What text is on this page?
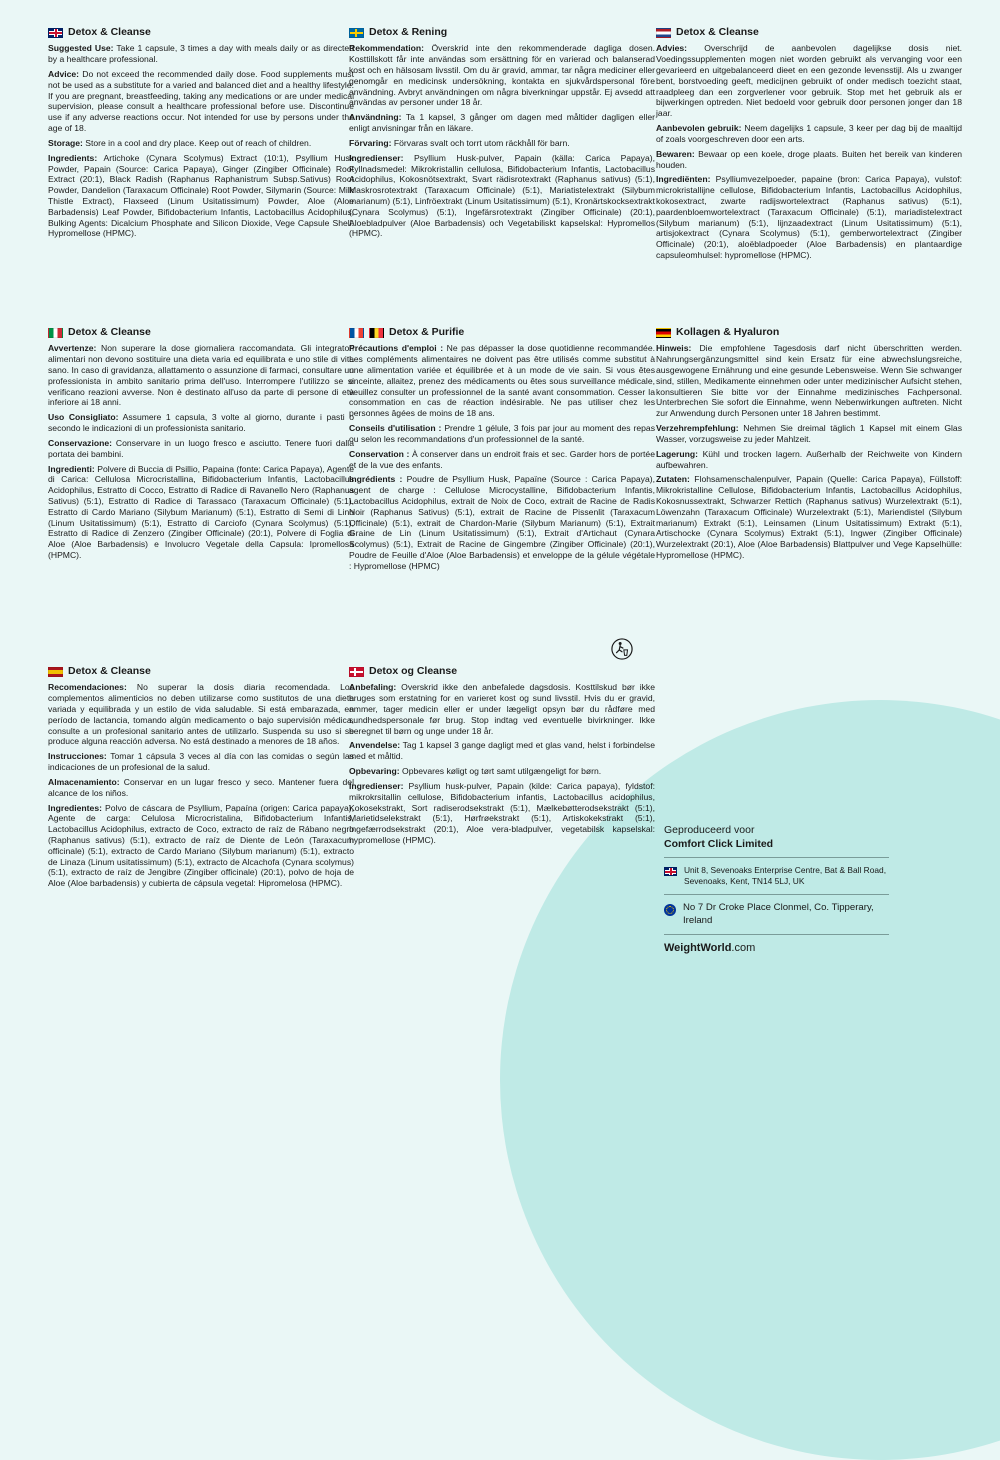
Detox & Cleanse

Suggested Use: Take 1 capsule, 3 times a day with meals daily or as directed by a healthcare professional.

Advice: Do not exceed the recommended daily dose. Food supplements must not be used as a substitute for a varied and balanced diet and a healthy lifestyle. If you are pregnant, breastfeeding, taking any medications or are under medical supervision, please consult a healthcare professional before use. Discontinue use if any adverse reactions occur. Not intended for use by persons under the age of 18.

Storage: Store in a cool and dry place. Keep out of reach of children.

Ingredients: Artichoke (Cynara Scolymus) Extract (10:1), Psyllium Husk Powder, Papain (Source: Carica Papaya), Ginger (Zingiber Officinale) Root Extract (20:1), Black Radish (Raphanus Raphanistrum Subsp.Sativus) Root Powder, Dandelion (Taraxacum Officinale) Root Powder, Silymarin (Source: Milk Thistle Extract), Flaxseed (Linum Usitatissimum) Powder, Aloe (Aloe Barbadensis) Leaf Powder, Bifidobacterium Infantis, Lactobacillus Acidophilus, Bulking Agents: Dicalcium Phosphate and Silicon Dioxide, Vege Capsule Shell: Hypromellose (HPMC).

Detox & Rening

Rekommendation: Överskrid inte den rekommenderade dagliga dosen. Kosttillskott får inte användas som ersättning för en varierad och balanserad kost och en hälsosam livsstil. Om du är gravid, ammar, tar några mediciner eller genomgår en medicinsk undersökning, kontakta en sjukvårdspersonal före användning. Avbryt användningen om några biverkningar uppstår. Ej avsedd att användas av personer under 18 år.

Användning: Ta 1 kapsel, 3 gånger om dagen med måltider dagligen eller enligt anvisningar från en läkare.

Förvaring: Förvaras svalt och torrt utom räckhåll för barn.

Ingredienser: Psyllium Husk-pulver, Papain (källa: Carica Papaya), Fyllnadsmedel: Mikrokristallin cellulosa, Bifidobacterium Infantis, Lactobacillus Acidophilus, Kokosnötsextrakt, Svart rädisrotextrakt (Raphanus sativus) (5:1), Maskrosrotextrakt (Taraxacum Officinale) (5:1), Mariatistelextrakt (Silybum marianum) (5:1), Linfröextrakt (Linum Usitatissimum) (5:1), Kronärtskocksextrakt (Cynara Scolymus) (5:1), Ingefärsrotextrakt (Zingiber Officinale) (20:1), Aloebladpulver (Aloe Barbadensis) och Vegetabiliskt kapselskal: Hypromellos (HPMC).

Detox & Cleanse

Advies: Overschrijd de aanbevolen dagelijkse dosis niet. Voedingssupplementen mogen niet worden gebruikt als vervanging voor een gevarieerd en uitgebalanceerd dieet en een gezonde levensstijl. Als u zwanger bent, borstvoeding geeft, medicijnen gebruikt of onder medisch toezicht staat, raadpleeg dan een zorgverlener voor gebruik. Stop met het gebruik als er bijwerkingen optreden. Niet bedoeld voor gebruik door personen jonger dan 18 jaar.

Aanbevolen gebruik: Neem dagelijks 1 capsule, 3 keer per dag bij de maaltijd of zoals voorgeschreven door een arts.

Bewaren: Bewaar op een koele, droge plaats. Buiten het bereik van kinderen houden.

Ingrediënten: Psylliumvezelpoeder, papaine (bron: Carica Papaya), vulstof: microkristallijne cellulose, Bifidobacterium Infantis, Lactobacillus Acidophilus, kokosextract, zwarte radijswortelextract (Raphanus sativus) (5:1), paardenbloemwortelextract (Taraxacum Officinale) (5:1), mariadistelextract (Silybum marianum) (5:1), lijnzaadextract (Linum Usitatissimum) (5:1), artisjokextract (Cynara Scolymus) (5:1), gemberwortelextract (Zingiber Officinale) (20:1), aloëbladpoeder (Aloe Barbadensis) en plantaardige capsuleomhulsel: hypromellose (HPMC).

Detox & Cleanse

Avvertenze: Non superare la dose giornaliera raccomandata. Gli integratori alimentari non devono sostituire una dieta varia ed equilibrata e uno stile di vita sano. In caso di gravidanza, allattamento o assunzione di farmaci, consultare un professionista in ambito sanitario prima dell'uso. Interrompere l'utilizzo se si verificano reazioni avverse. Non è destinato all'uso da parte di persone di età inferiore ai 18 anni.

Uso Consigliato: Assumere 1 capsula, 3 volte al giorno, durante i pasti o secondo le indicazioni di un professionista sanitario.

Conservazione: Conservare in un luogo fresco e asciutto. Tenere fuori dalla portata dei bambini.

Ingredienti: Polvere di Buccia di Psillio, Papaina (fonte: Carica Papaya), Agente di Carica: Cellulosa Microcristallina, Bifidobacterium Infantis, Lactobacillus Acidophilus, Estratto di Cocco, Estratto di Radice di Ravanello Nero (Raphanus Sativus) (5:1), Estratto di Radice di Tarassaco (Taraxacum Officinale) (5:1), Estratto di Cardo Mariano (Silybum Marianum) (5:1), Estratto di Semi di Lino (Linum Usitatissimum) (5:1), Estratto di Carciofo (Cynara Scolymus) (5:1), Estratto di Radice di Zenzero (Zingiber Officinale) (20:1), Polvere di Foglia di Aloe (Aloe Barbadensis) e Involucro Vegetale della Capsula: Ipromellosa (HPMC).

Detox & Purifie

Précautions d'emploi : Ne pas dépasser la dose quotidienne recommandée. Les compléments alimentaires ne doivent pas être utilisés comme substitut à une alimentation variée et équilibrée et à un mode de vie sain. Si vous êtes enceinte, allaitez, prenez des médicaments ou êtes sous surveillance médicale, veuillez consulter un professionnel de la santé avant consommation. Cesser la consommation en cas de réaction indésirable. Ne pas utiliser chez les personnes âgées de moins de 18 ans.

Conseils d'utilisation : Prendre 1 gélule, 3 fois par jour au moment des repas ou selon les recommandations d'un professionnel de la santé.

Conservation : À conserver dans un endroit frais et sec. Garder hors de portée et de la vue des enfants.

Ingrédients : Poudre de Psyllium Husk, Papaïne (Source : Carica Papaya), agent de charge : Cellulose Microcystalline, Bifidobacterium Infantis, Lactobacillus Acidophilus, extrait de Noix de Coco, extrait de Racine de Radis Noir (Raphanus Sativus) (5:1), extrait de Racine de Pissenlit (Taraxacum Officinale) (5:1), extrait de Chardon-Marie (Silybum Marianum) (5:1), Extrait Graine de Lin (Linum Usitatissimum) (5:1), Extrait d'Artichaut (Cynara Scolymus) (5:1), Extrait de Racine de Gingembre (Zingiber Officinale) (20:1), Poudre de Feuille d'Aloe (Aloe Barbadensis) et enveloppe de la gélule végétale : Hypromellose (HPMC)

Kollagen & Hyaluron

Hinweis: Die empfohlene Tagesdosis darf nicht überschritten werden. Nahrungsergänzungsmittel sind kein Ersatz für eine abwechslungsreiche, ausgewogene Ernährung und eine gesunde Lebensweise. Wenn Sie schwanger sind, stillen, Medikamente einnehmen oder unter medizinischer Aufsicht stehen, konsultieren Sie bitte vor der Einnahme medizinisches Fachpersonal. Unterbrechen Sie sofort die Einnahme, wenn Nebenwirkungen auftreten. Nicht zur Anwendung durch Personen unter 18 Jahren bestimmt.

Verzehrempfehlung: Nehmen Sie dreimal täglich 1 Kapsel mit einem Glas Wasser, vorzugsweise zu jeder Mahlzeit.

Lagerung: Kühl und trocken lagern. Außerhalb der Reichweite von Kindern aufbewahren.

Zutaten: Flohsamenschalenpulver, Papain (Quelle: Carica Papaya), Füllstoff: Mikrokristalline Cellulose, Bifidobacterium Infantis, Lactobacillus Acidophilus, Kokosnussextrakt, Schwarzer Rettich (Raphanus sativus) Wurzelextrakt (5:1), Löwenzahn (Taraxacum Officinale) Wurzelextrakt (5:1), Mariendistel (Silybum marianum) Extrakt (5:1), Leinsamen (Linum Usitatissimum) Extrakt (5:1), Artischocke (Cynara Scolymus) Extrakt (5:1), Ingwer (Zingiber Officinale) Wurzelextrakt (20:1), Aloe (Aloe Barbadensis) Blattpulver und Vege Kapselhülle: Hypromellose (HPMC).

Detox & Cleanse

Recomendaciones: No superar la dosis diaria recomendada. Los complementos alimenticios no deben utilizarse como sustitutos de una dieta variada y equilibrada y un estilo de vida saludable. Si está embarazada, en período de lactancia, tomando algún medicamento o bajo supervisión médica, consulte a un profesional sanitario antes de utilizarlo. Suspenda su uso si se produce alguna reacción adversa. No está destinado a menores de 18 años.

Instrucciones: Tomar 1 cápsula 3 veces al día con las comidas o según las indicaciones de un profesional de la salud.

Almacenamiento: Conservar en un lugar fresco y seco. Mantener fuera del alcance de los niños.

Ingredientes: Polvo de cáscara de Psyllium, Papaína (origen: Carica papaya), Agente de carga: Celulosa Microcristalina, Bifidobacterium Infantis, Lactobacillus Acidophilus, extracto de Coco, extracto de raíz de Rábano negro (Raphanus sativus) (5:1), extracto de raíz de Diente de León (Taraxacum officinale) (5:1), extracto de Cardo Mariano (Silybum marianum) (5:1), extracto de Linaza (Linum usitatissimum) (5:1), extracto de Alcachofa (Cynara scolymus) (5:1), extracto de raíz de Jengibre (Zingiber officinale) (20:1), polvo de hoja de Aloe (Aloe barbadensis) y cubierta de cápsula vegetal: Hipromelosa (HPMC).

Detox og Cleanse

Anbefaling: Overskrid ikke den anbefalede dagsdosis. Kosttilskud bør ikke bruges som erstatning for en varieret kost og sund livsstil. Hvis du er gravid, ammer, tager medicin eller er under lægeligt opsyn bør du rådføre med sundhedspersonale før brug. Stop indtag ved eventuelle bivirkninger. Ikke beregnet til børn og unge under 18 år.

Anvendelse: Tag 1 kapsel 3 gange dagligt med et glas vand, helst i forbindelse med et måltid.

Opbevaring: Opbevares køligt og tørt samt utilgængeligt for børn.

Ingredienser: Psyllium husk-pulver, Papain (kilde: Carica papaya), fyldstof: mikrokrsitallin cellulose, Bifidobacterium infantis, Lactobacillus acidophilus, Kokosekstrakt, Sort radiserodsekstrakt (5:1), Mælkebøtterodsekstrakt (5:1), Marietidselekstrakt (5:1), Hørfrøekstrakt (5:1), Artiskokekstrakt (5:1), Ingefærrodsekstrakt (20:1), Aloe vera-bladpulver, vegetabilsk kapselskal: hypromellose (HPMC).

Geproduceerd voor
Comfort Click Limited
Unit 8, Sevenoaks Enterprise Centre, Bat & Ball Road, Sevenoaks, Kent, TN14 5LJ, UK
No 7 Dr Croke Place Clonmel, Co. Tipperary, Ireland
WeightWorld.com
